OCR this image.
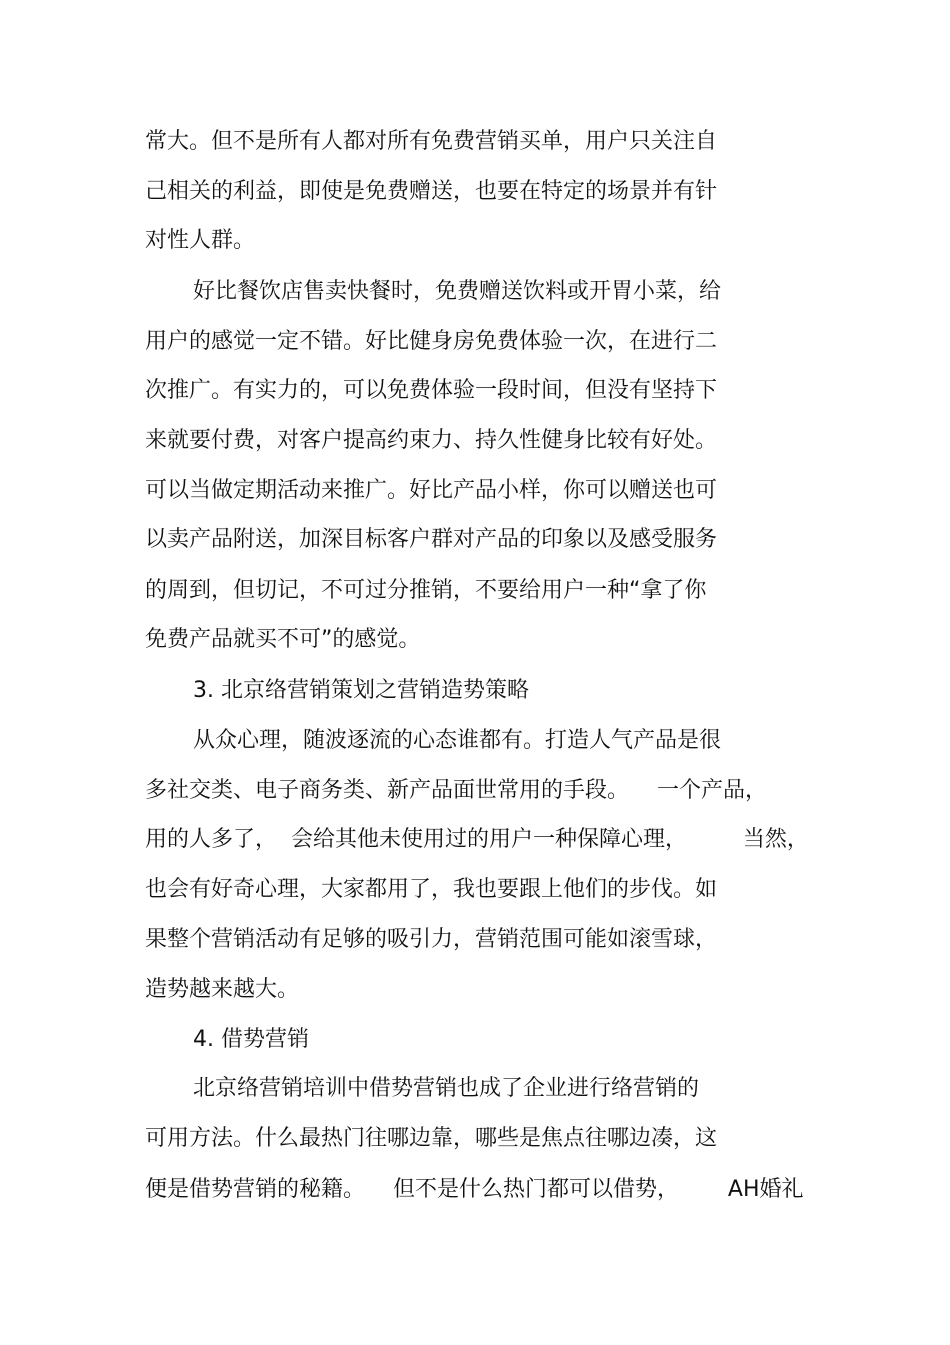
常大。但不是所有人都对所有免费营销买单，用户只关注自
己相关的利益，即使是免费赠送，也要在特定的场景并有针
对性人群。
好比餐饮店售卖快餐时，免费赠送饮料或开胃小菜，给
用户的感觉一定不错。好比健身房免费体验一次，在进行二
次推广。有实力的，可以免费体验一段时间，但没有坚持下
来就要付费，对客户提高约束力、持久性健身比较有好处。
可以当做定期活动来推广。好比产品小样，你可以赠送也可
以卖产品附送，加深目标客户群对产品的印象以及感受服务
的周到，但切记，不可过分推销，不要给用户一种“拿了你
免费产品就买不可”的感觉。
3. 北京络营销策划之营销造势策略
从众心理，随波逐流的心态谁都有。打造人气产品是很
多社交类、电子商务类、新产品面世常用的手段。    一个产品，
用的人多了，  会给其他未使用过的用户一种保障心理，        当然，
也会有好奇心理，大家都用了，我也要跟上他们的步伐。如
果整个营销活动有足够的吸引力，营销范围可能如滚雪球，
造势越来越大。
4. 借势营销
北京络营销培训中借势营销也成了企业进行络营销的
可用方法。什么最热门往哪边靠，哪些是焦点往哪边凑，这
便是借势营销的秘籍。    但不是什么热门都可以借势，       AH婚礼
